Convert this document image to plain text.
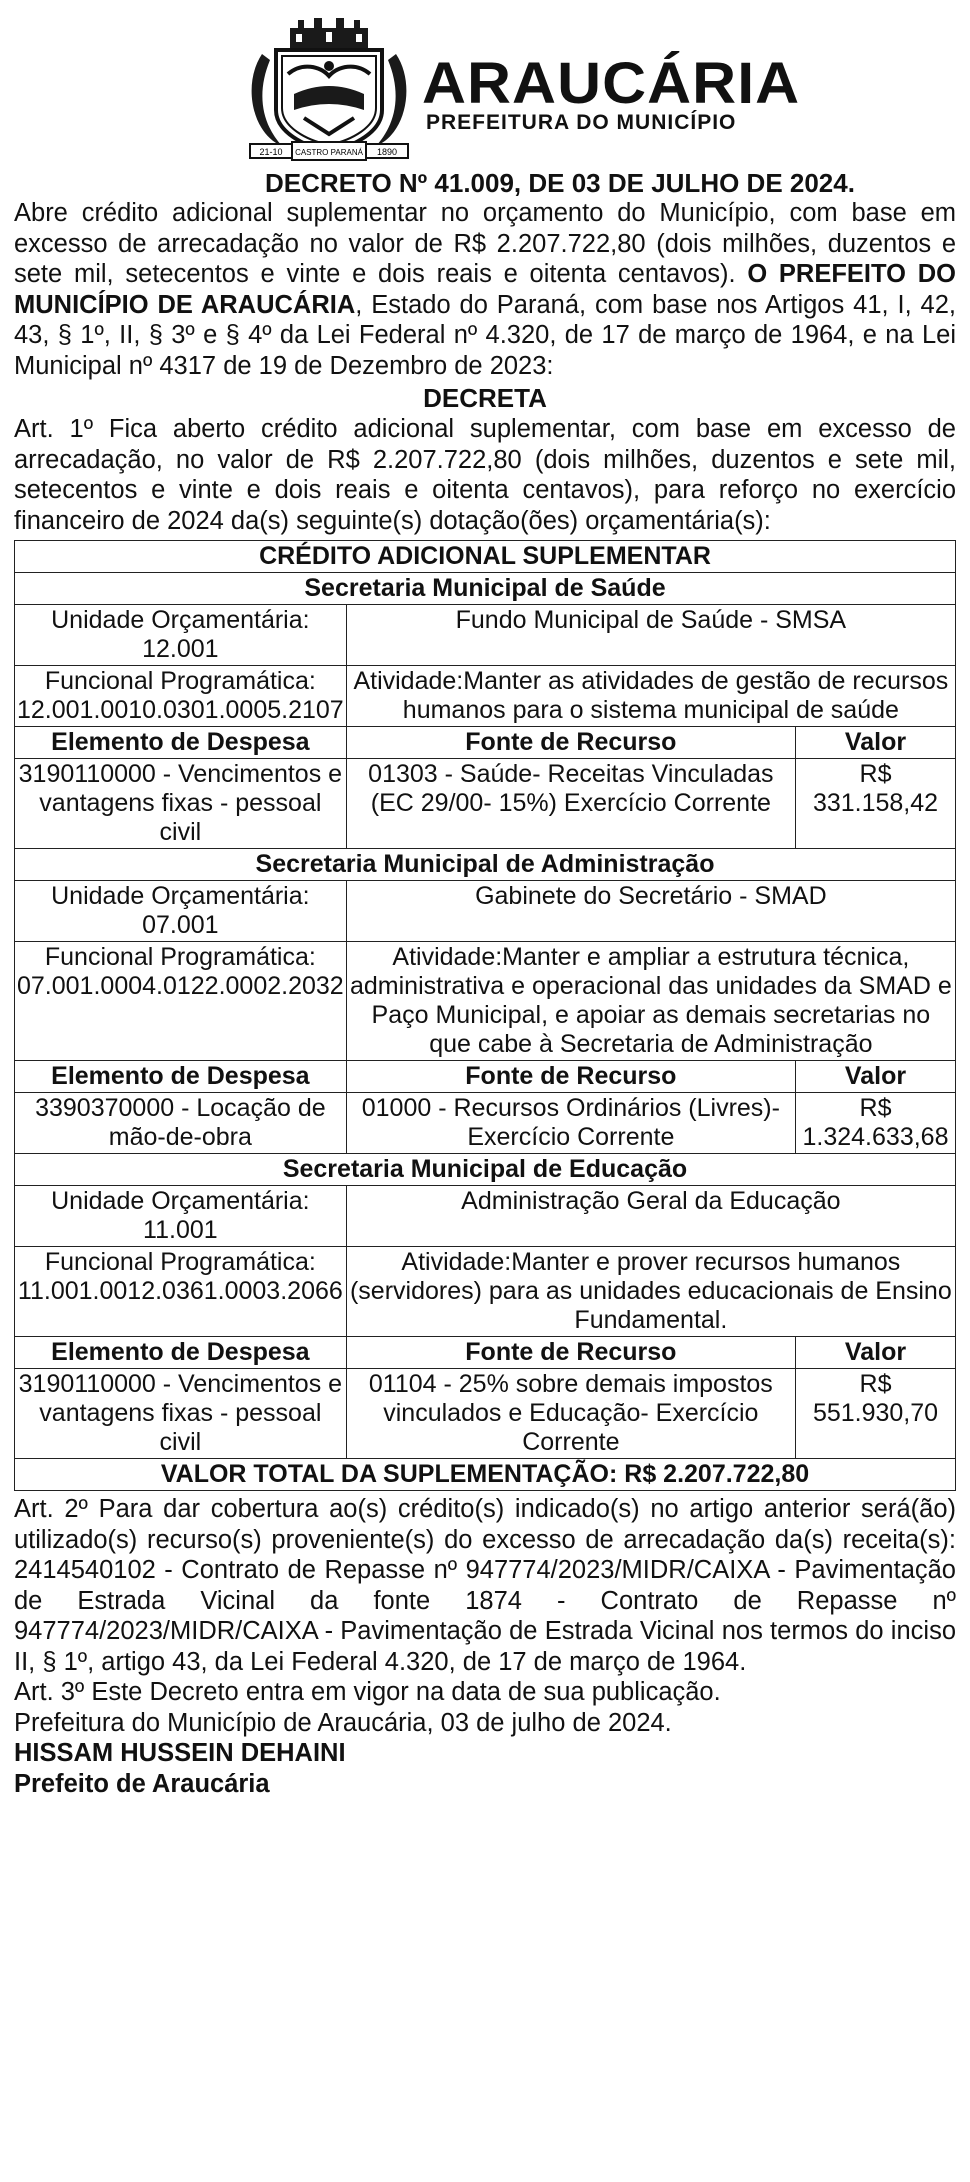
21-10 CASTRO PARANÁ 1890
ARAUCÁRIA
PREFEITURA DO MUNICÍPIO

DECRETO Nº 41.009, DE 03 DE JULHO DE 2024.

Abre crédito adicional suplementar no orçamento do Município, com base em excesso de arrecadação no valor de R$ 2.207.722,80 (dois milhões, duzentos e sete mil, setecentos e vinte e dois reais e oitenta centavos). O PREFEITO DO MUNICÍPIO DE ARAUCÁRIA, Estado do Paraná, com base nos Artigos 41, I, 42, 43, § 1º, II, § 3º e § 4º da Lei Federal nº 4.320, de 17 de março de 1964, e na Lei Municipal nº 4317 de 19 de Dezembro de 2023:

DECRETA

Art. 1º Fica aberto crédito adicional suplementar, com base em excesso de arrecadação, no valor de R$ 2.207.722,80 (dois milhões, duzentos e sete mil, setecentos e vinte e dois reais e oitenta centavos), para reforço no exercício financeiro de 2024 da(s) seguinte(s) dotação(ões) orçamentária(s):

CRÉDITO ADICIONAL SUPLEMENTAR		
Secretaria Municipal de Saúde		
Unidade Orçamentária:
12.001	Fundo Municipal de Saúde - SMSA	
Funcional Programática:
12.001.0010.0301.0005.2107	Atividade:Manter as atividades de gestão de recursos humanos para o sistema municipal de saúde	
Elemento de Despesa	Fonte de Recurso	Valor
3190110000 - Vencimentos e vantagens fixas - pessoal civil	01303 - Saúde- Receitas Vinculadas (EC 29/00- 15%) Exercício Corrente	R$ 331.158,42
Secretaria Municipal de Administração		
Unidade Orçamentária:
07.001	Gabinete do Secretário - SMAD	
Funcional Programática:
07.001.0004.0122.0002.2032	Atividade:Manter e ampliar a estrutura técnica, administrativa e operacional das unidades da SMAD e Paço Municipal, e apoiar as demais secretarias no que cabe à Secretaria de Administração	
Elemento de Despesa	Fonte de Recurso	Valor
3390370000 - Locação de mão-de-obra	01000 - Recursos Ordinários (Livres)- Exercício Corrente	R$ 1.324.633,68
Secretaria Municipal de Educação		
Unidade Orçamentária:
11.001	Administração Geral da Educação	
Funcional Programática:
11.001.0012.0361.0003.2066	Atividade:Manter e prover recursos humanos (servidores) para as unidades educacionais de Ensino Fundamental.	
Elemento de Despesa	Fonte de Recurso	Valor
3190110000 - Vencimentos e vantagens fixas - pessoal civil	01104 - 25% sobre demais impostos vinculados e Educação- Exercício Corrente	R$ 551.930,70
VALOR TOTAL DA SUPLEMENTAÇÃO: R$ 2.207.722,80		

Art. 2º Para dar cobertura ao(s) crédito(s) indicado(s) no artigo anterior será(ão) utilizado(s) recurso(s) proveniente(s) do excesso de arrecadação da(s) receita(s): 2414540102 - Contrato de Repasse nº 947774/2023/MIDR/CAIXA - Pavimentação de Estrada Vicinal da fonte 1874 - Contrato de Repasse nº 947774/2023/MIDR/CAIXA - Pavimentação de Estrada Vicinal nos termos do inciso II, § 1º, artigo 43, da Lei Federal 4.320, de 17 de março de 1964.

Art. 3º Este Decreto entra em vigor na data de sua publicação.

Prefeitura do Município de Araucária, 03 de julho de 2024.

HISSAM HUSSEIN DEHAINI

Prefeito de Araucária
